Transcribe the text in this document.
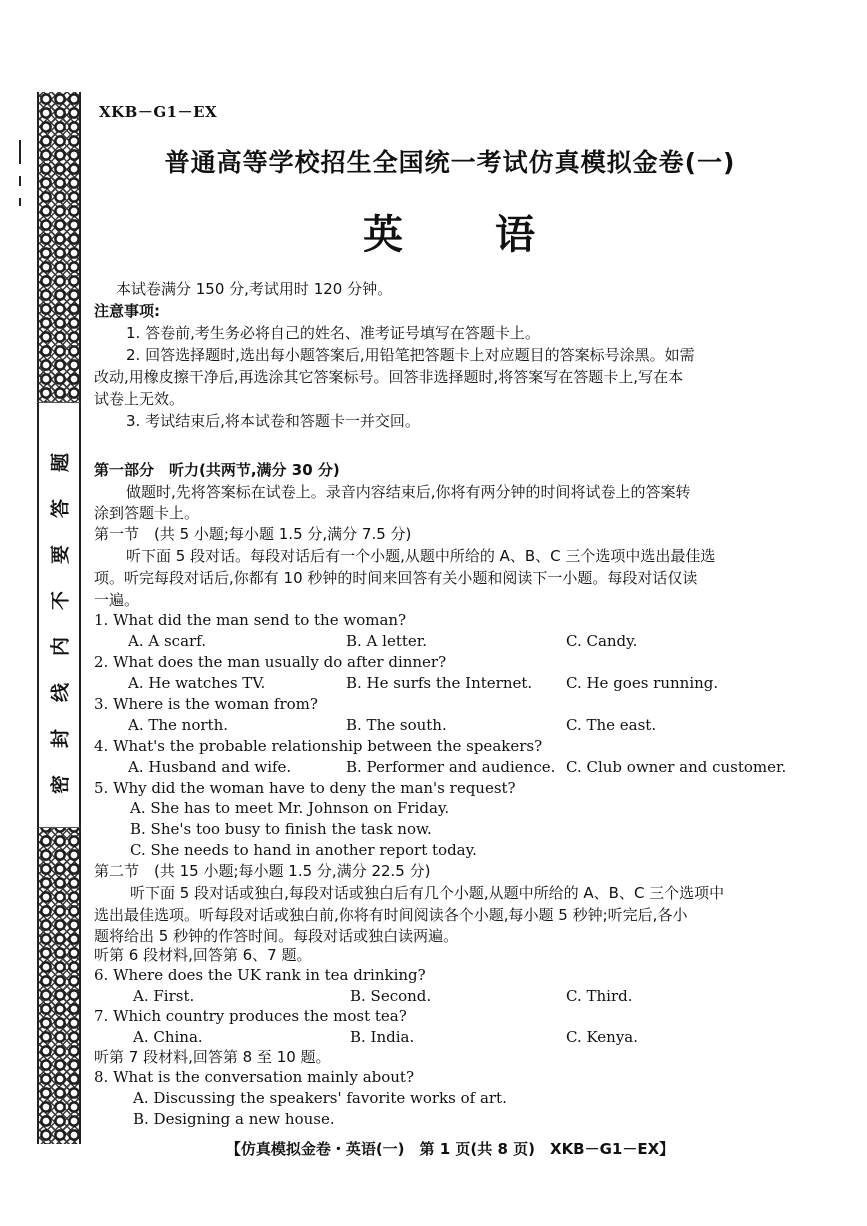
题
答
要
不
内
线
封
密
XKB－G1－EX
普通高等学校招生全国统一考试仿真模拟金卷(一)
英 语
本试卷满分 150 分,考试用时 120 分钟。
注意事项:
1. 答卷前,考生务必将自己的姓名、准考证号填写在答题卡上。
2. 回答选择题时,选出每小题答案后,用铅笔把答题卡上对应题目的答案标号涂黑。如需
改动,用橡皮擦干净后,再选涂其它答案标号。回答非选择题时,将答案写在答题卡上,写在本
试卷上无效。
3. 考试结束后,将本试卷和答题卡一并交回。
第一部分　听力(共两节,满分 30 分)
做题时,先将答案标在试卷上。录音内容结束后,你将有两分钟的时间将试卷上的答案转
涂到答题卡上。
第一节　(共 5 小题;每小题 1.5 分,满分 7.5 分)
听下面 5 段对话。每段对话后有一个小题,从题中所给的 A、B、C 三个选项中选出最佳选
项。听完每段对话后,你都有 10 秒钟的时间来回答有关小题和阅读下一小题。每段对话仅读
一遍。
1. What did the man send to the woman?
A. A scarf.	B. A letter.	C. Candy.
2. What does the man usually do after dinner?
A. He watches TV.	B. He surfs the Internet. C. He goes running.
3. Where is the woman from?
A. The north.	B. The south.	C. The east.
4. What's the probable relationship between the speakers?
A. Husband and wife.	B. Performer and audience. C. Club owner and customer.
5. Why did the woman have to deny the man's request?
A. She has to meet Mr. Johnson on Friday.
B. She's too busy to finish the task now.
C. She needs to hand in another report today.
第二节　(共 15 小题;每小题 1.5 分,满分 22.5 分)
听下面 5 段对话或独白,每段对话或独白后有几个小题,从题中所给的 A、B、C 三个选项中
选出最佳选项。听每段对话或独白前,你将有时间阅读各个小题,每小题 5 秒钟;听完后,各小
题将给出 5 秒钟的作答时间。每段对话或独白读两遍。
听第 6 段材料,回答第 6、7 题。
6. Where does the UK rank in tea drinking?
A. First.	B. Second.	C. Third.
7. Which country produces the most tea?
A. China.	B. India.	C. Kenya.
听第 7 段材料,回答第 8 至 10 题。
8. What is the conversation mainly about?
A. Discussing the speakers' favorite works of art.
B. Designing a new house.
【仿真模拟金卷・英语(一)　第 1 页(共 8 页)　XKB－G1－EX】
